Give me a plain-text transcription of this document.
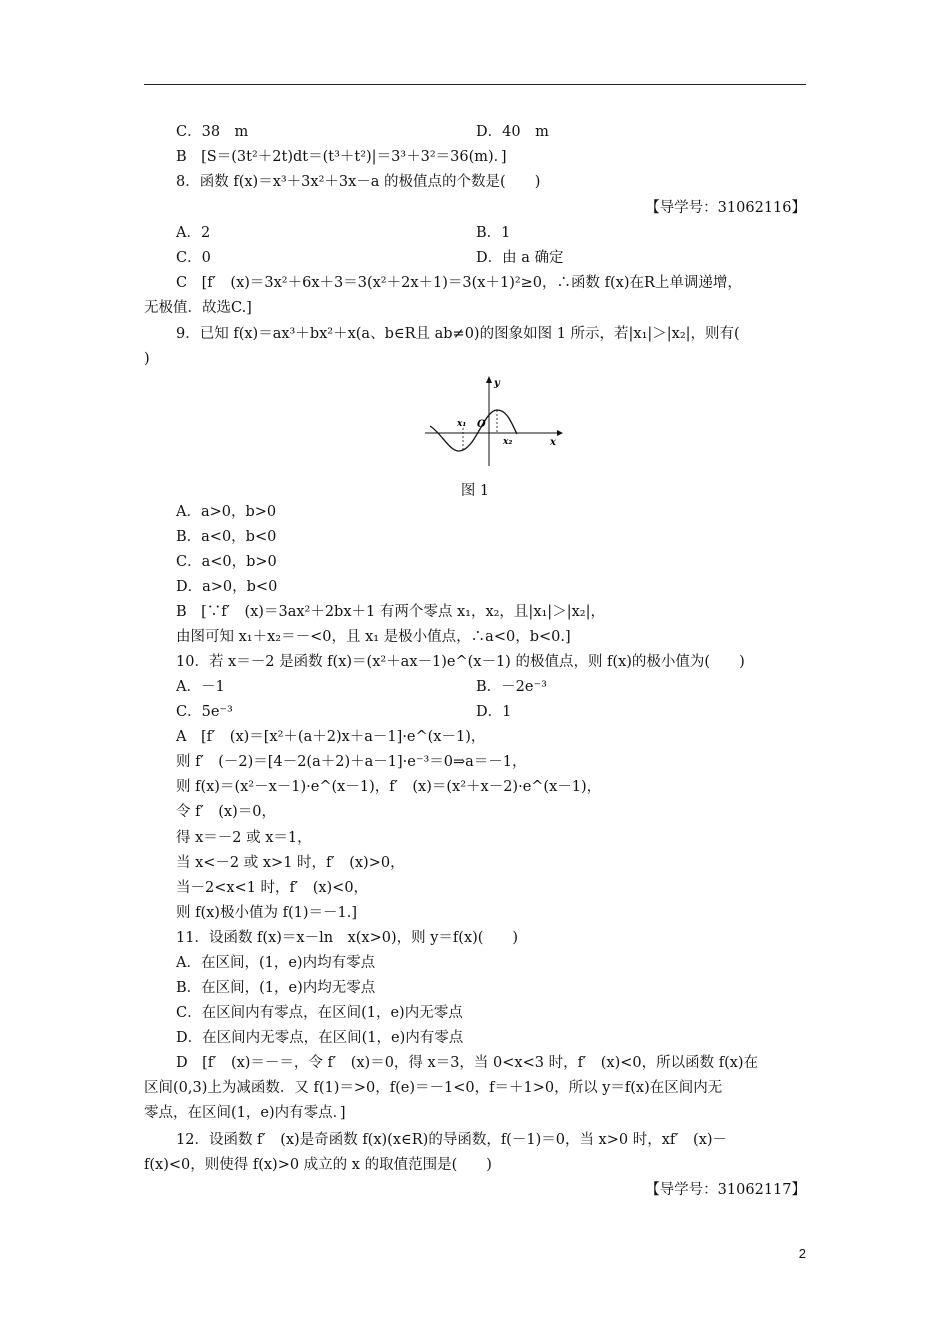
C．38　m	D．40　m
B　[S＝(3t²＋2t)dt＝(t³＋t²)|＝3³＋3²＝36(m)．]
8．函数 f(x)＝x³＋3x²＋3x－a 的极值点的个数是(　　)
【导学号：31062116】
A．2	B．1
C．0	D．由 a 确定
C　[f′　(x)＝3x²＋6x＋3＝3(x²＋2x＋1)＝3(x＋1)²≥0，∴函数 f(x)在R上单调递增，
无极值．故选C.]
9．已知 f(x)＝ax³＋bx²＋x(a、b∈R且 ab≠0)的图象如图 1 所示，若|x₁|＞|x₂|，则有(
)
y
x
O
x₁
x₂
图 1
A．a>0，b>0
B．a<0，b<0
C．a<0，b>0
D．a>0，b<0
B　[∵f′　(x)＝3ax²＋2bx＋1 有两个零点 x₁，x₂，且|x₁|＞|x₂|，
由图可知 x₁＋x₂＝－<0，且 x₁ 是极小值点，∴a<0，b<0.]
10．若 x＝－2 是函数 f(x)＝(x²＋ax－1)e^(x－1) 的极值点，则 f(x)的极小值为(　　)
A．－1	B．－2e⁻³
C．5e⁻³	D．1
A　[f′　(x)＝[x²＋(a＋2)x＋a－1]·e^(x－1)，
则 f′　(－2)＝[4－2(a＋2)＋a－1]·e⁻³＝0⇒a＝－1，
则 f(x)＝(x²－x－1)·e^(x－1)，f′　(x)＝(x²＋x－2)·e^(x－1)，
令 f′　(x)＝0，
得 x＝－2 或 x＝1，
当 x<－2 或 x>1 时，f′　(x)>0，
当－2<x<1 时，f′　(x)<0，
则 f(x)极小值为 f(1)＝－1.]
11．设函数 f(x)＝x－ln　x(x>0)，则 y＝f(x)(　　)
A．在区间，(1，e)内均有零点
B．在区间，(1，e)内均无零点
C．在区间内有零点，在区间(1，e)内无零点
D．在区间内无零点，在区间(1，e)内有零点
D　[f′　(x)＝－＝，令 f′　(x)＝0，得 x＝3，当 0<x<3 时，f′　(x)<0，所以函数 f(x)在
区间(0,3)上为减函数．又 f(1)＝>0，f(e)＝－1<0，f＝＋1>0，所以 y＝f(x)在区间内无
零点，在区间(1，e)内有零点．]
12．设函数 f′　(x)是奇函数 f(x)(x∈R)的导函数，f(－1)＝0，当 x>0 时，xf′　(x)－
f(x)<0，则使得 f(x)>0 成立的 x 的取值范围是(　　)
【导学号：31062117】
2
